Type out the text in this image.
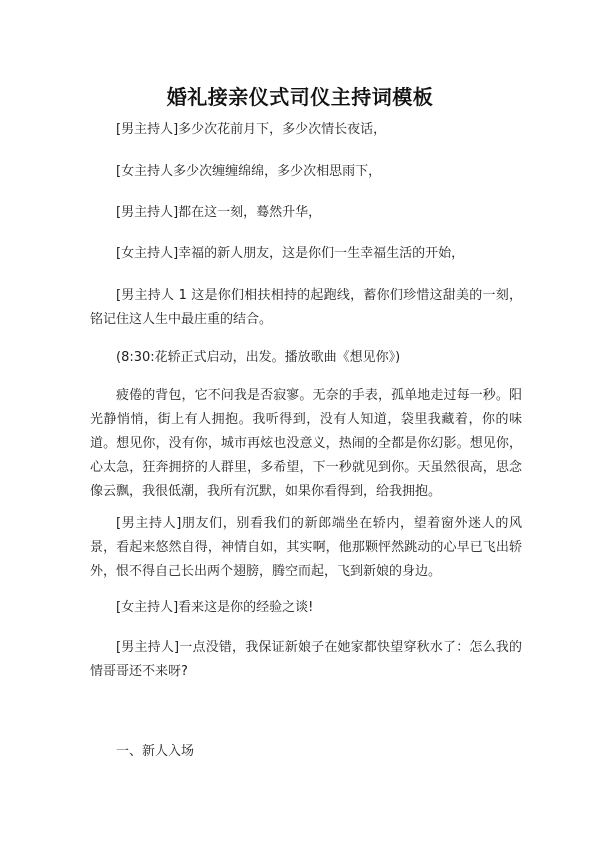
婚礼接亲仪式司仪主持词模板

[男主持人]多少次花前月下，多少次情长夜话，

[女主持人多少次缠缠绵绵，多少次相思雨下，

[男主持人]都在这一刻，蓦然升华，

[女主持人]幸福的新人朋友，这是你们一生幸福生活的开始，

[男主持人 1 这是你们相扶相持的起跑线，蓄你们珍惜这甜美的一刻，铭记住这人生中最庄重的结合。

(8:30:花轿正式启动，出发。播放歌曲《想见你》)

疲倦的背包，它不问我是否寂寥。无奈的手表，孤单地走过每一秒。阳光静悄悄，街上有人拥抱。我听得到，没有人知道，袋里我藏着，你的味道。想见你，没有你，城市再炫也没意义，热闹的全都是你幻影。想见你，心太急，狂奔拥挤的人群里，多希望，下一秒就见到你。天虽然很高，思念像云飘，我很低潮，我所有沉默，如果你看得到，给我拥抱。

[男主持人]朋友们，别看我们的新郎端坐在轿内，望着窗外迷人的风景，看起来悠然自得，神情自如，其实啊，他那颗怦然跳动的心早已飞出轿外，恨不得自己长出两个翅膀，腾空而起，飞到新娘的身边。

[女主持人]看来这是你的经验之谈!

[男主持人]一点没错，我保证新娘子在她家都快望穿秋水了：怎么我的情哥哥还不来呀?

一、新人入场
